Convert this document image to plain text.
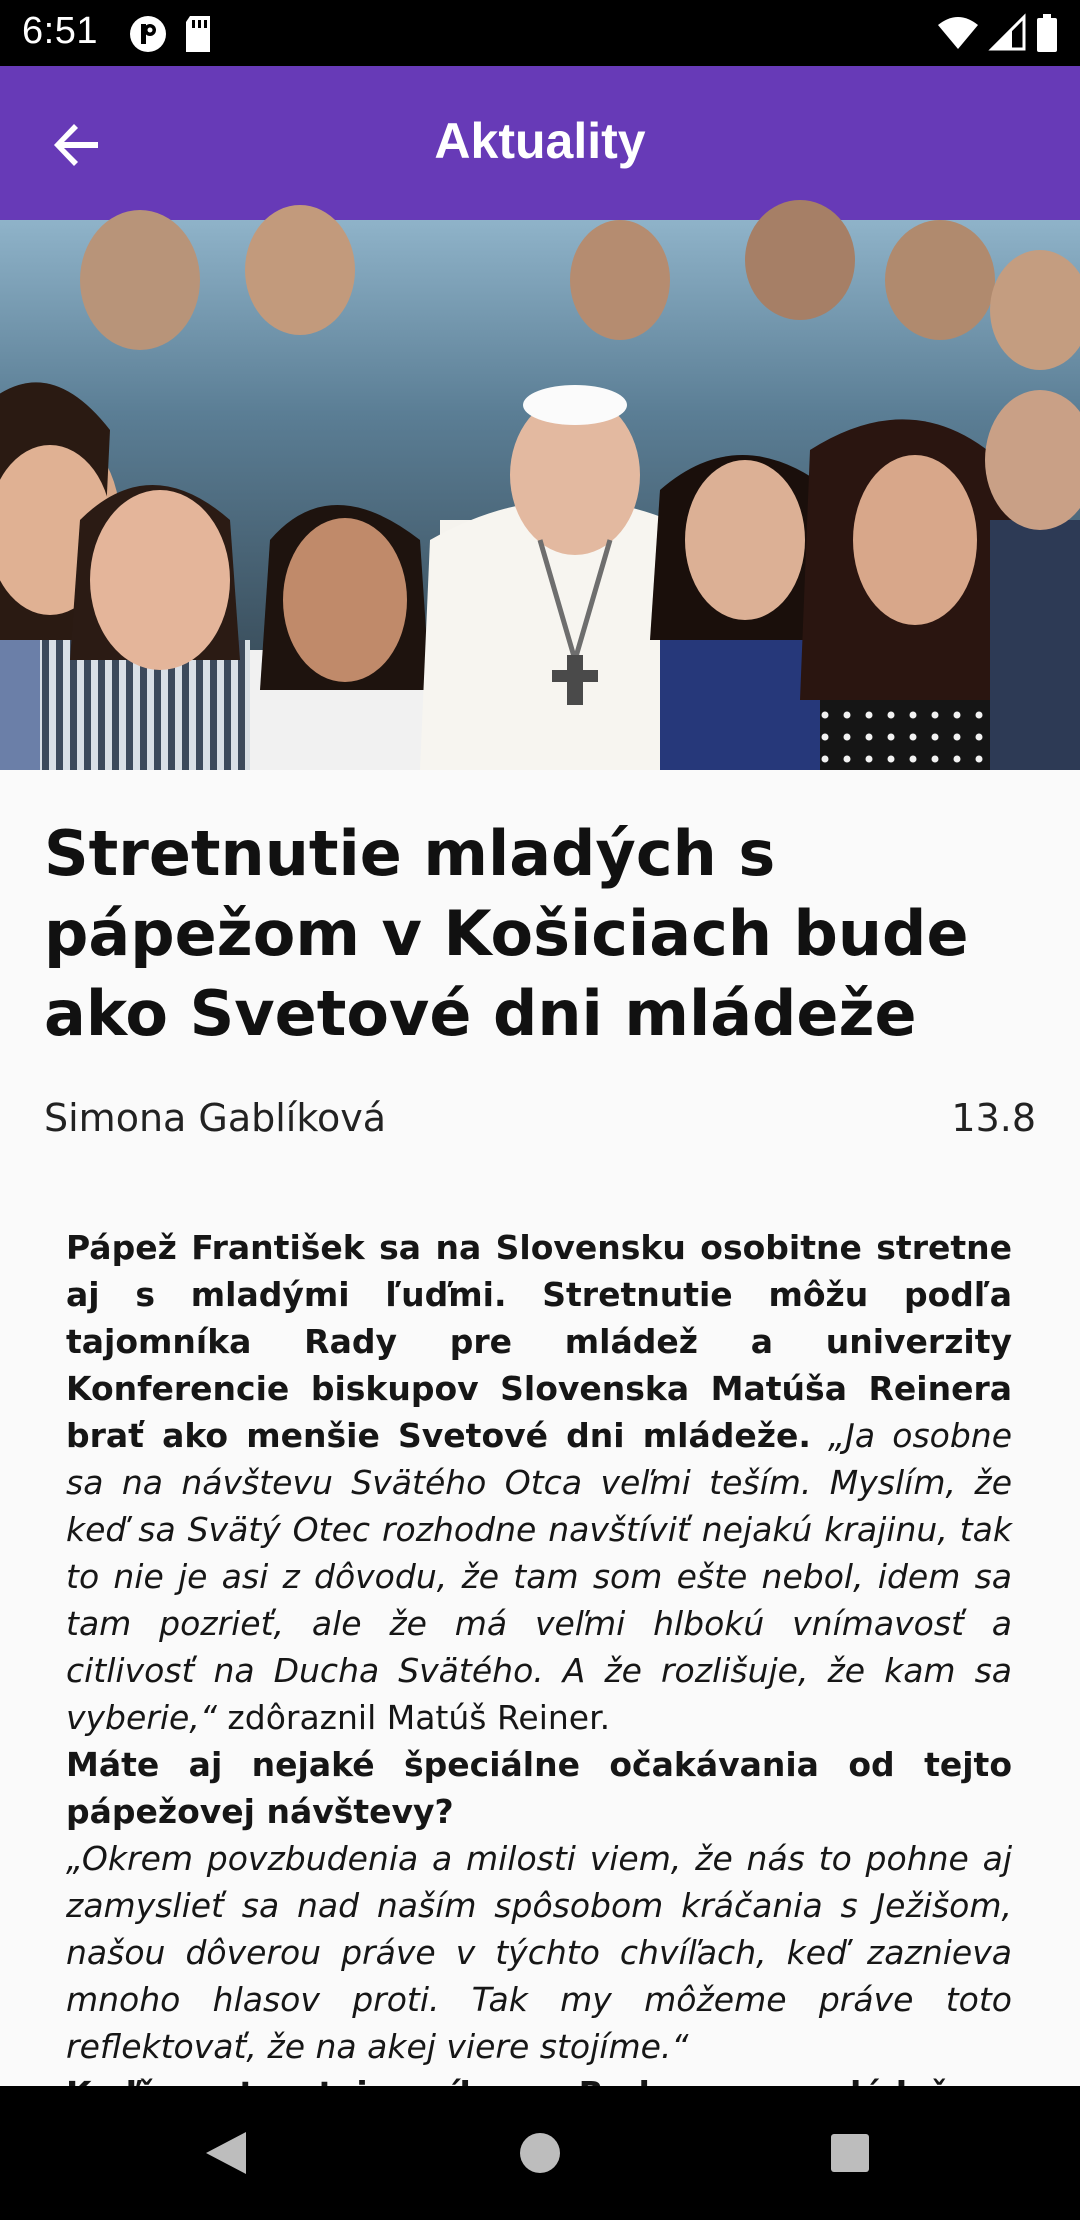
6:51
Aktuality
Stretnutie mladých s pápežom v Košiciach bude ako Svetové dni mládeže
Simona Gablíková	13.8

Pápež František sa na Slovensku osobitne stretne aj s mladými ľuďmi. Stretnutie môžu podľa tajomníka Rady pre mládež a univerzity Konferencie biskupov Slovenska Matúša Reinera brať ako menšie Svetové dni mládeže. „Ja osobne sa na návštevu Svätého Otca veľmi teším. Myslím, že keď sa Svätý Otec rozhodne navštíviť nejakú krajinu, tak to nie je asi z dôvodu, že tam som ešte nebol, idem sa tam pozrieť, ale že má veľmi hlbokú vnímavosť a citlivosť na Ducha Svätého. A že rozlišuje, že kam sa vyberie,“ zdôraznil Matúš Reiner.

Máte aj nejaké špeciálne očakávania od tejto pápežovej návštevy?

„Okrem povzbudenia a milosti viem, že nás to pohne aj zamyslieť sa nad naším spôsobom kráčania s Ježišom, našou dôverou práve v týchto chvíľach, keď zaznieva mnoho hlasov proti. Tak my môžeme práve toto reflektovať, že na akej viere stojíme.“
